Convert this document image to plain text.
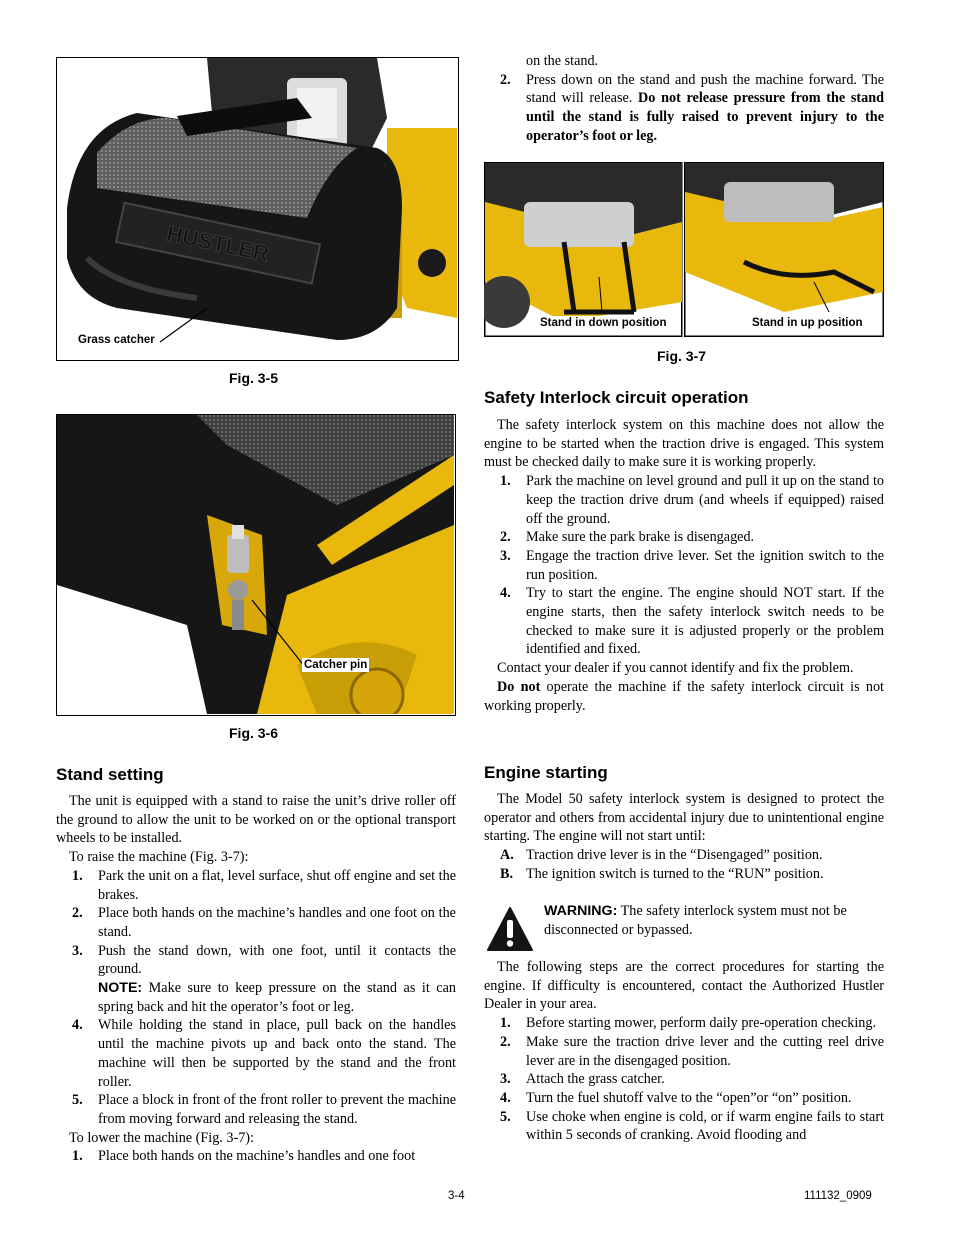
HUSTLER
Grass catcher
Fig. 3-5
Catcher pin
Fig. 3-6
Stand in down position	Stand in up position
Fig. 3-7
Stand setting

The unit is equipped with a stand to raise the unit’s drive roller off the ground to allow the unit to be worked on or the optional transport wheels to be installed.

To raise the machine (Fig. 3-7):

1.	Park the unit on a flat, level surface, shut off engine and set the brakes.
2.	Place both hands on the machine’s handles and one foot on the stand.
3.	Push the stand down, with one foot, until it contacts the ground.
NOTE: Make sure to keep pressure on the stand as it can spring back and hit the operator’s foot or leg.
4.	While holding the stand in place, pull back on the handles until the machine pivots up and back onto the stand. The machine will then be supported by the stand and the front roller.
5.	Place a block in front of the front roller to prevent the machine from moving forward and releasing the stand.

To lower the machine (Fig. 3-7):

1.	Place both hands on the machine’s handles and one foot
on the stand.
2.	Press down on the stand and push the machine forward. The stand will release. Do not release pressure from the stand until the stand is fully raised to prevent injury to the operator’s foot or leg.
Safety Interlock circuit operation

The safety interlock system on this machine does not allow the engine to be started when the traction drive is engaged. This system must be checked daily to make sure it is working properly.

1.	Park the machine on level ground and pull it up on the stand to keep the traction drive drum (and wheels if equipped) raised off the ground.
2.	Make sure the park brake is disengaged.
3.	Engage the traction drive lever. Set the ignition switch to the run position.
4.	Try to start the engine. The engine should NOT start. If the engine starts, then the safety interlock switch needs to be checked to make sure it is adjusted properly or the problem identified and fixed.

Contact your dealer if you cannot identify and fix the problem.

Do not operate the machine if the safety interlock circuit is not working properly.

Engine starting

The Model 50 safety interlock system is designed to protect the operator and others from accidental injury due to unintentional engine starting. The engine will not start until:

A. Traction drive lever is in the “Disengaged” position.
B. The ignition switch is turned to the “RUN” position.
WARNING: The safety interlock system must not be disconnected or bypassed.

The following steps are the correct procedures for starting the engine. If difficulty is encountered, contact the Authorized Hustler Dealer in your area.

1.	Before starting mower, perform daily pre-operation checking.
2.	Make sure the traction drive lever and the cutting reel drive lever are in the disengaged position.
3.	Attach the grass catcher.
4.	Turn the fuel shutoff valve to the “open”or “on” position.
5.	Use choke when engine is cold, or if warm engine fails to start within 5 seconds of cranking. Avoid flooding and
3-4	111132_0909
